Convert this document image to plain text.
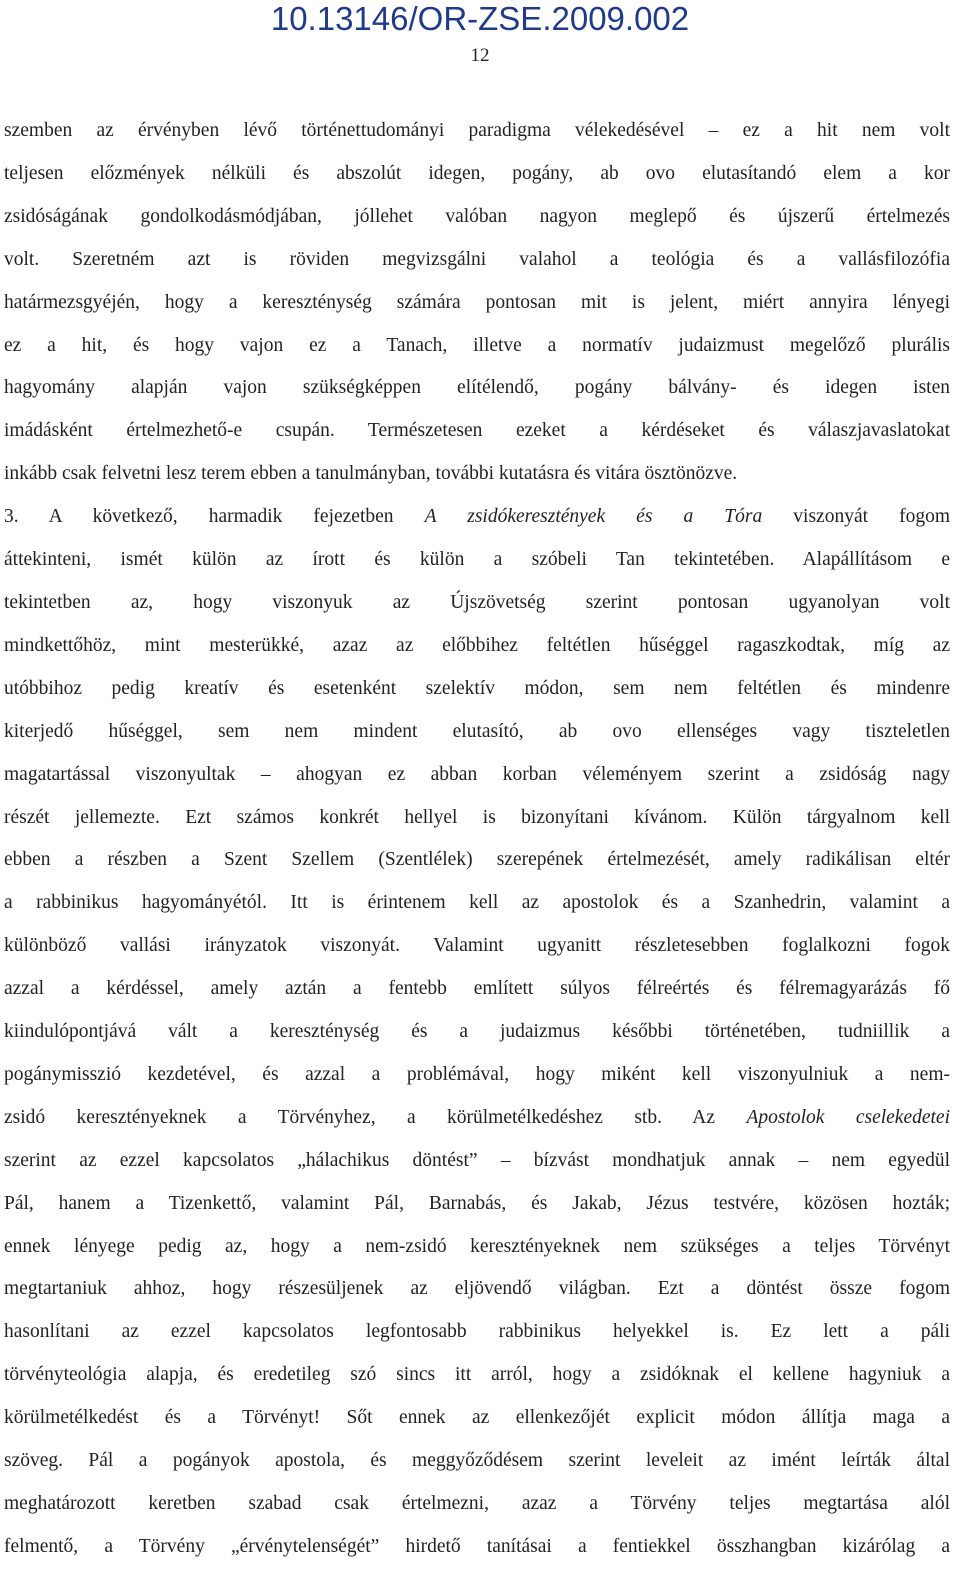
10.13146/OR-ZSE.2009.002
12

szemben az érvényben lévő történettudományi paradigma vélekedésével – ez a hit nem volt
teljesen előzmények nélküli és abszolút idegen, pogány, ab ovo elutasítandó elem a kor
zsidóságának gondolkodásmódjában, jóllehet valóban nagyon meglepő és újszerű értelmezés
volt. Szeretném azt is röviden megvizsgálni valahol a teológia és a vallásfilozófia
határmezsgyéjén, hogy a kereszténység számára pontosan mit is jelent, miért annyira lényegi
ez a hit, és hogy vajon ez a Tanach, illetve a normatív judaizmust megelőző plurális
hagyomány alapján vajon szükségképpen elítélendő, pogány bálvány- és idegen isten
imádásként értelmezhető-e csupán. Természetesen ezeket a kérdéseket és válaszjavaslatokat
inkább csak felvetni lesz terem ebben a tanulmányban, további kutatásra és vitára ösztönözve.

3. A következő, harmadik fejezetben A zsidókeresztények és a Tóra viszonyát fogom
áttekinteni, ismét külön az írott és külön a szóbeli Tan tekintetében. Alapállításom e
tekintetben az, hogy viszonyuk az Újszövetség szerint pontosan ugyanolyan volt
mindkettőhöz, mint mesterükké, azaz az előbbihez feltétlen hűséggel ragaszkodtak, míg az
utóbbihoz pedig kreatív és esetenként szelektív módon, sem nem feltétlen és mindenre
kiterjedő hűséggel, sem nem mindent elutasító, ab ovo ellenséges vagy tiszteletlen
magatartással viszonyultak – ahogyan ez abban korban véleményem szerint a zsidóság nagy
részét jellemezte. Ezt számos konkrét hellyel is bizonyítani kívánom. Külön tárgyalnom kell
ebben a részben a Szent Szellem (Szentlélek) szerepének értelmezését, amely radikálisan eltér
a rabbinikus hagyományétól. Itt is érintenem kell az apostolok és a Szanhedrin, valamint a
különböző vallási irányzatok viszonyát. Valamint ugyanitt részletesebben foglalkozni fogok
azzal a kérdéssel, amely aztán a fentebb említett súlyos félreértés és félremagyarázás fő
kiindulópontjává vált a kereszténység és a judaizmus későbbi történetében, tudniillik a
pogánymisszió kezdetével, és azzal a problémával, hogy miként kell viszonyulniuk a nem-
zsidó keresztényeknek a Törvényhez, a körülmetélkedéshez stb. Az Apostolok cselekedetei
szerint az ezzel kapcsolatos „hálachikus döntést” – bízvást mondhatjuk annak – nem egyedül
Pál, hanem a Tizenkettő, valamint Pál, Barnabás, és Jakab, Jézus testvére, közösen hozták;
ennek lényege pedig az, hogy a nem-zsidó keresztényeknek nem szükséges a teljes Törvényt
megtartaniuk ahhoz, hogy részesüljenek az eljövendő világban. Ezt a döntést össze fogom
hasonlítani az ezzel kapcsolatos legfontosabb rabbinikus helyekkel is. Ez lett a páli
törvényteológia alapja, és eredetileg szó sincs itt arról, hogy a zsidóknak el kellene hagyniuk a
körülmetélkedést és a Törvényt! Sőt ennek az ellenkezőjét explicit módon állítja maga a
szöveg. Pál a pogányok apostola, és meggyőződésem szerint leveleit az imént leírták által
meghatározott keretben szabad csak értelmezni, azaz a Törvény teljes megtartása alól
felmentő, a Törvény „érvénytelenségét” hirdető tanításai a fentiekkel összhangban kizárólag a
